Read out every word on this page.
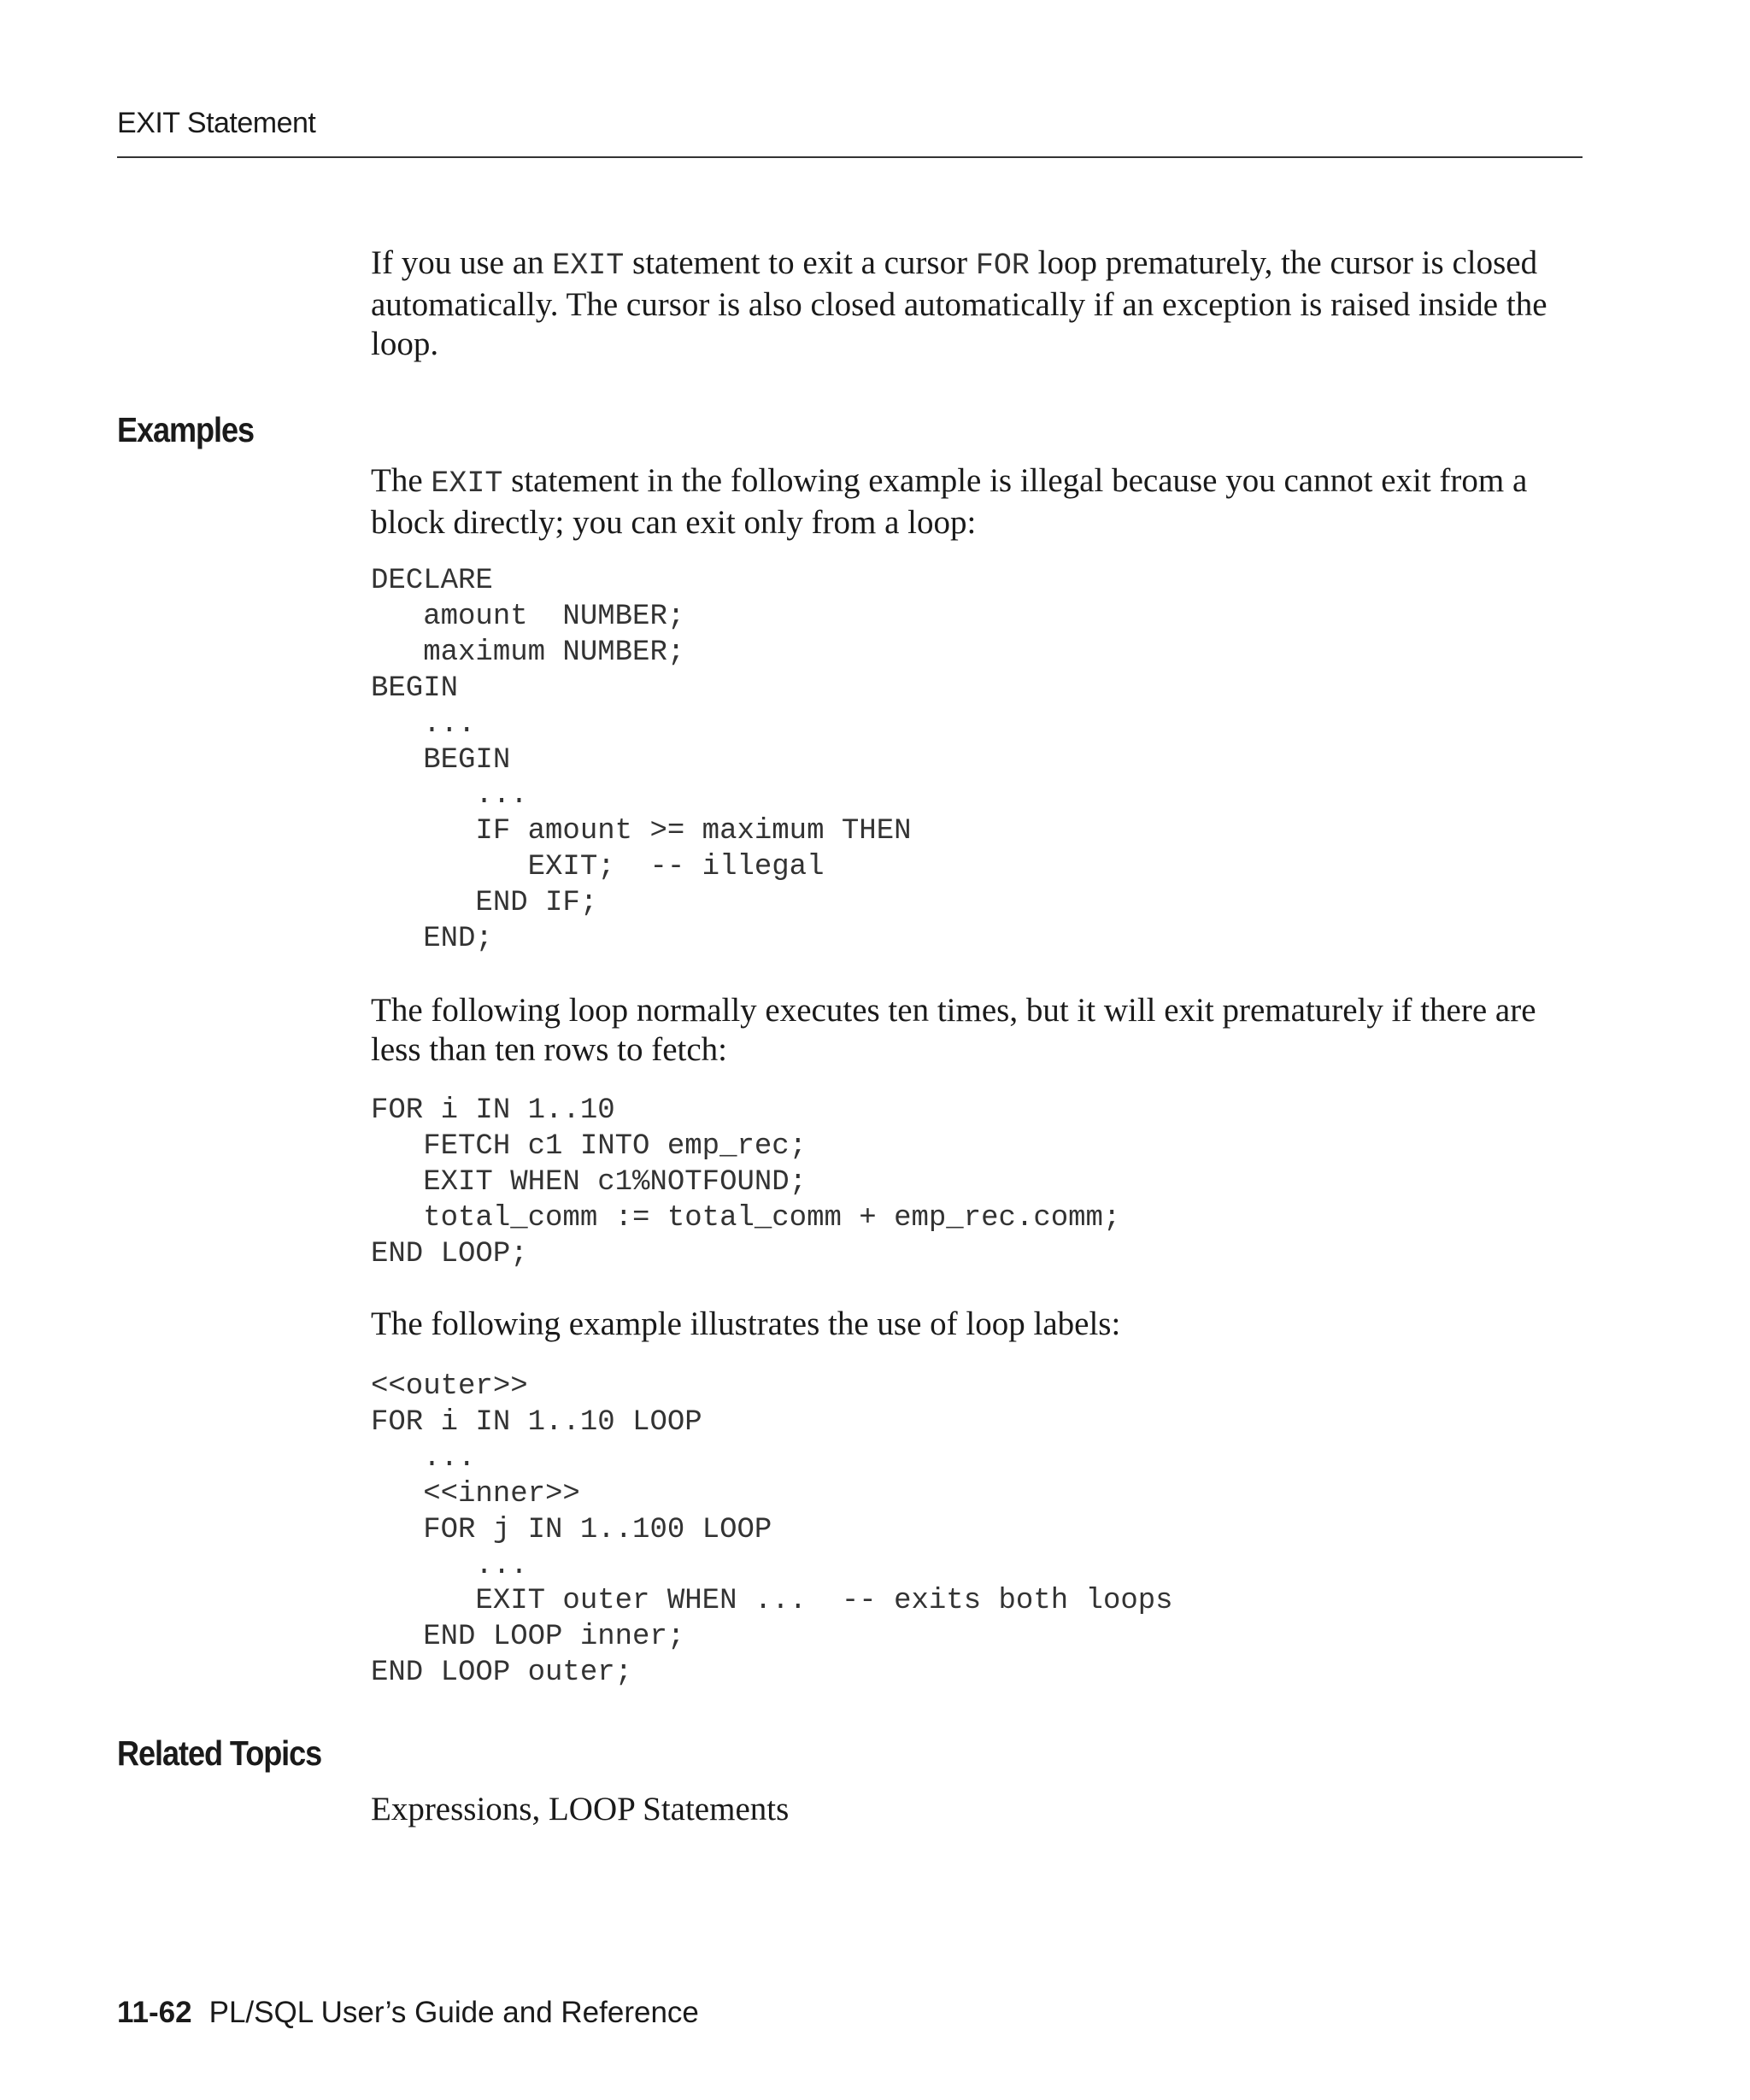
EXIT Statement

If you use an EXIT statement to exit a cursor FOR loop prematurely, the cursor is closed automatically. The cursor is also closed automatically if an exception is raised inside the loop.

Examples

The EXIT statement in the following example is illegal because you cannot exit from a block directly; you can exit only from a loop:

DECLARE
amount  NUMBER;
maximum NUMBER;
BEGIN
...
BEGIN
...
IF amount >= maximum THEN
EXIT;  -- illegal
END IF;
END;

The following loop normally executes ten times, but it will exit prematurely if there are less than ten rows to fetch:

FOR i IN 1..10
FETCH c1 INTO emp_rec;
EXIT WHEN c1%NOTFOUND;
total_comm := total_comm + emp_rec.comm;
END LOOP;

The following example illustrates the use of loop labels:

<<outer>>
FOR i IN 1..10 LOOP
...
<<inner>>
FOR j IN 1..100 LOOP
...
EXIT outer WHEN ...  -- exits both loops
END LOOP inner;
END LOOP outer;
Related Topics

Expressions, LOOP Statements

11-62 PL/SQL User’s Guide and Reference
